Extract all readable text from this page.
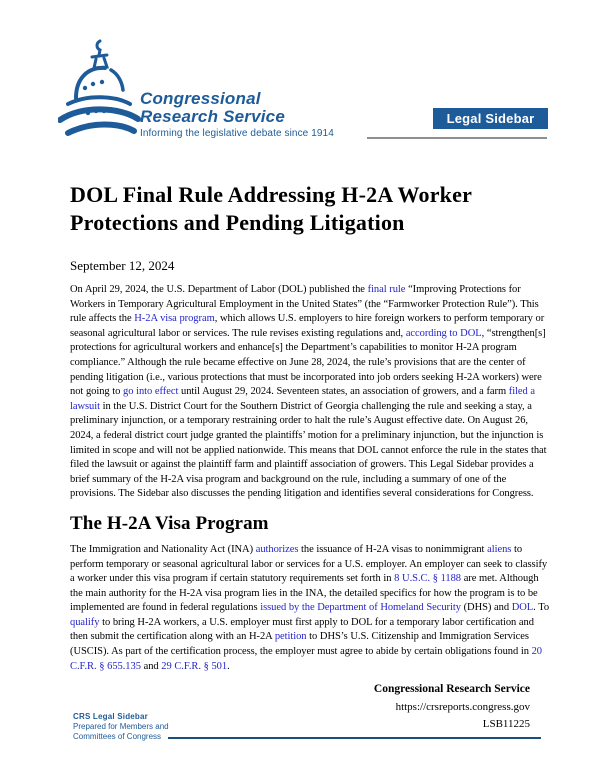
Congressional
Research Service
Informing the legislative debate since 1914
Legal Sidebar
DOL Final Rule Addressing H-2A Worker Protections and Pending Litigation
September 12, 2024

On April 29, 2024, the U.S. Department of Labor (DOL) published the final rule “Improving Protections for Workers in Temporary Agricultural Employment in the United States” (the “Farmworker Protection Rule”). This rule affects the H-2A visa program, which allows U.S. employers to hire foreign workers to perform temporary or seasonal agricultural labor or services. The rule revises existing regulations and, according to DOL, “strengthen[s] protections for agricultural workers and enhance[s] the Department’s capabilities to monitor H-2A program compliance.” Although the rule became effective on June 28, 2024, the rule’s provisions that are the center of pending litigation (i.e., various protections that must be incorporated into job orders seeking H-2A workers) were not going to go into effect until August 29, 2024. Seventeen states, an association of growers, and a farm filed a lawsuit in the U.S. District Court for the Southern District of Georgia challenging the rule and seeking a stay, a preliminary injunction, or a temporary restraining order to halt the rule’s August effective date. On August 26, 2024, a federal district court judge granted the plaintiffs’ motion for a preliminary injunction, but the injunction is limited in scope and will not be applied nationwide. This means that DOL cannot enforce the rule in the states that filed the lawsuit or against the plaintiff farm and plaintiff association of growers. This Legal Sidebar provides a brief summary of the H-2A visa program and background on the rule, including a summary of one of the provisions. The Sidebar also discusses the pending litigation and identifies several considerations for Congress.

The H-2A Visa Program

The Immigration and Nationality Act (INA) authorizes the issuance of H-2A visas to nonimmigrant aliens to perform temporary or seasonal agricultural labor or services for a U.S. employer. An employer can seek to classify a worker under this visa program if certain statutory requirements set forth in 8 U.S.C. § 1188 are met. Although the main authority for the H-2A visa program lies in the INA, the detailed specifics for how the program is to be implemented are found in federal regulations issued by the Department of Homeland Security (DHS) and DOL. To qualify to bring H-2A workers, a U.S. employer must first apply to DOL for a temporary labor certification and then submit the certification along with an H-2A petition to DHS’s U.S. Citizenship and Immigration Services (USCIS). As part of the certification process, the employer must agree to abide by certain obligations found in 20 C.F.R. § 655.135 and 29 C.F.R. § 501.

Congressional Research Service
https://crsreports.congress.gov
LSB11225
CRS Legal Sidebar
Prepared for Members and
Committees of Congress
